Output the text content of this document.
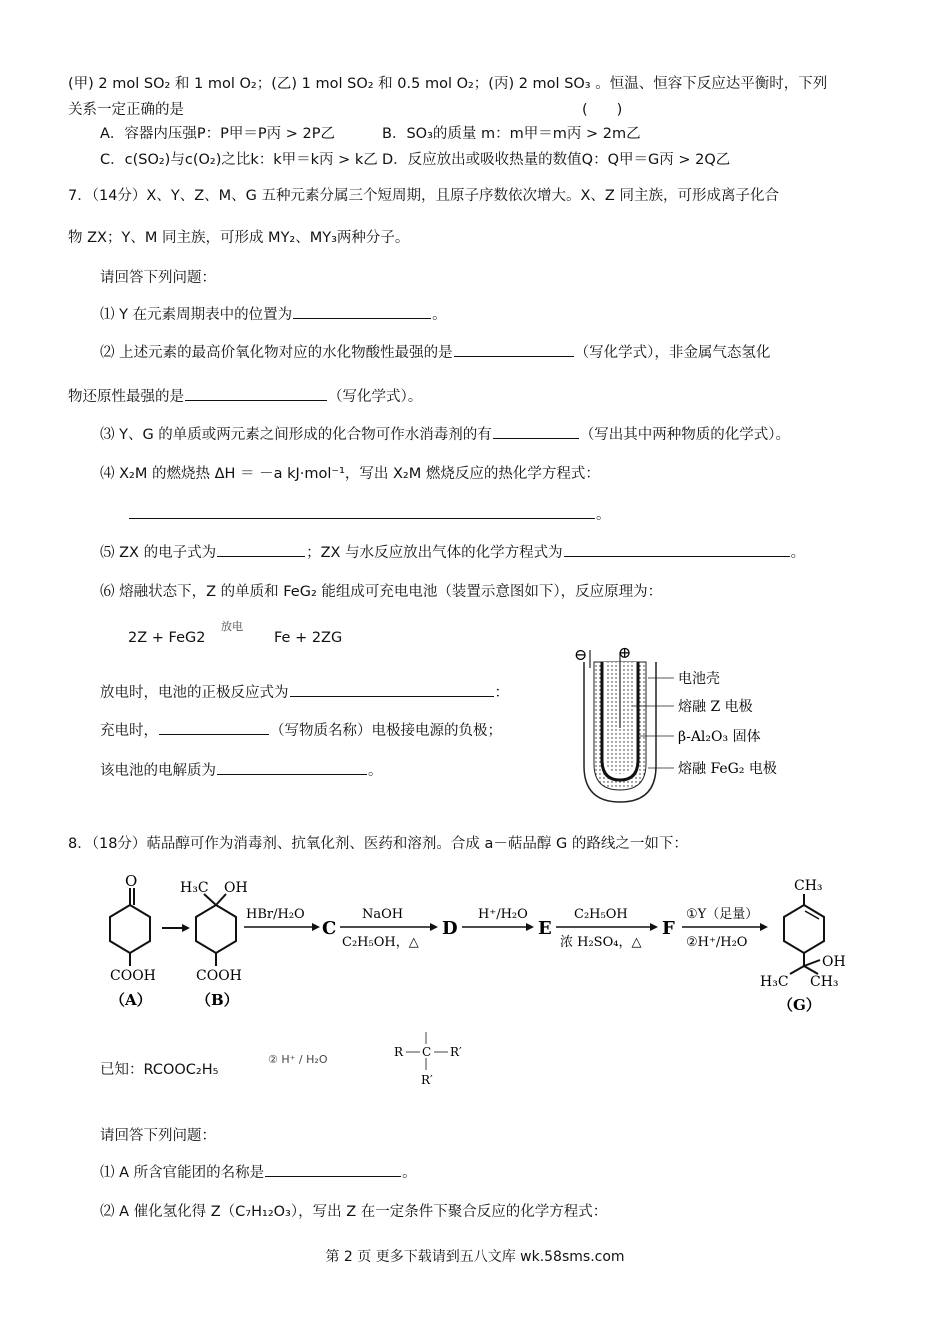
(甲) 2 mol SO₂ 和 1 mol O₂；(乙) 1 mol SO₂ 和 0.5 mol O₂；(丙) 2 mol SO₃ 。恒温、恒容下反应达平衡时，下列
关系一定正确的是	(　　)
A．容器内压强P：P甲＝P丙 > 2P乙	B．SO₃的质量 m：m甲＝m丙 > 2m乙
C．c(SO₂)与c(O₂)之比k：k甲＝k丙 > k乙 D．反应放出或吸收热量的数值Q：Q甲＝G丙 > 2Q乙
7．（14分）X、Y、Z、M、G 五种元素分属三个短周期，且原子序数依次增大。X、Z 同主族，可形成离子化合
物 ZX；Y、M 同主族，可形成 MY₂、MY₃两种分子。
请回答下列问题：
⑴ Y 在元素周期表中的位置为	。
⑵ 上述元素的最高价氧化物对应的水化物酸性最强的是	（写化学式），非金属气态氢化
物还原性最强的是	（写化学式）。
⑶ Y、G 的单质或两元素之间形成的化合物可作水消毒剂的有	（写出其中两种物质的化学式）。
⑷ X₂M 的燃烧热 ΔH ＝ －a kJ·mol⁻¹，写出 X₂M 燃烧反应的热化学方程式：
。
⑸ ZX 的电子式为	；ZX 与水反应放出气体的化学方程式为	。
⑹ 熔融状态下，Z 的单质和 FeG₂ 能组成可充电电池（装置示意图如下），反应原理为：
2Z + FeG2
放电
Fe + 2ZG
放电时，电池的正极反应式为	：
充电时，	（写物质名称）电极接电源的负极；
该电池的电解质为	。
⊖ ⊕
电池壳
熔融 Z 电极
β-Al₂O₃ 固体
熔融 FeG₂ 电极
8．（18分）萜品醇可作为消毒剂、抗氧化剂、医药和溶剂。合成 a－萜品醇 G 的路线之一如下：
O
COOH
（A）
H₃C OH
COOH
（B）
HBr/H₂O
C
NaOH
C₂H₅OH，△
D
H⁺/H₂O
E
C₂H₅OH
浓 H₂SO₄，△
F
①Y（足量）
②H⁺/H₂O
CH₃
OH
H₃C CH₃
（G）
已知：RCOOC₂H₅
② H⁺ / H₂O
R C R′
R′
请回答下列问题：
⑴ A 所含官能团的名称是	。
⑵ A 催化氢化得 Z（C₇H₁₂O₃），写出 Z 在一定条件下聚合反应的化学方程式：
第 2 页 更多下载请到五八文库 wk.58sms.com
